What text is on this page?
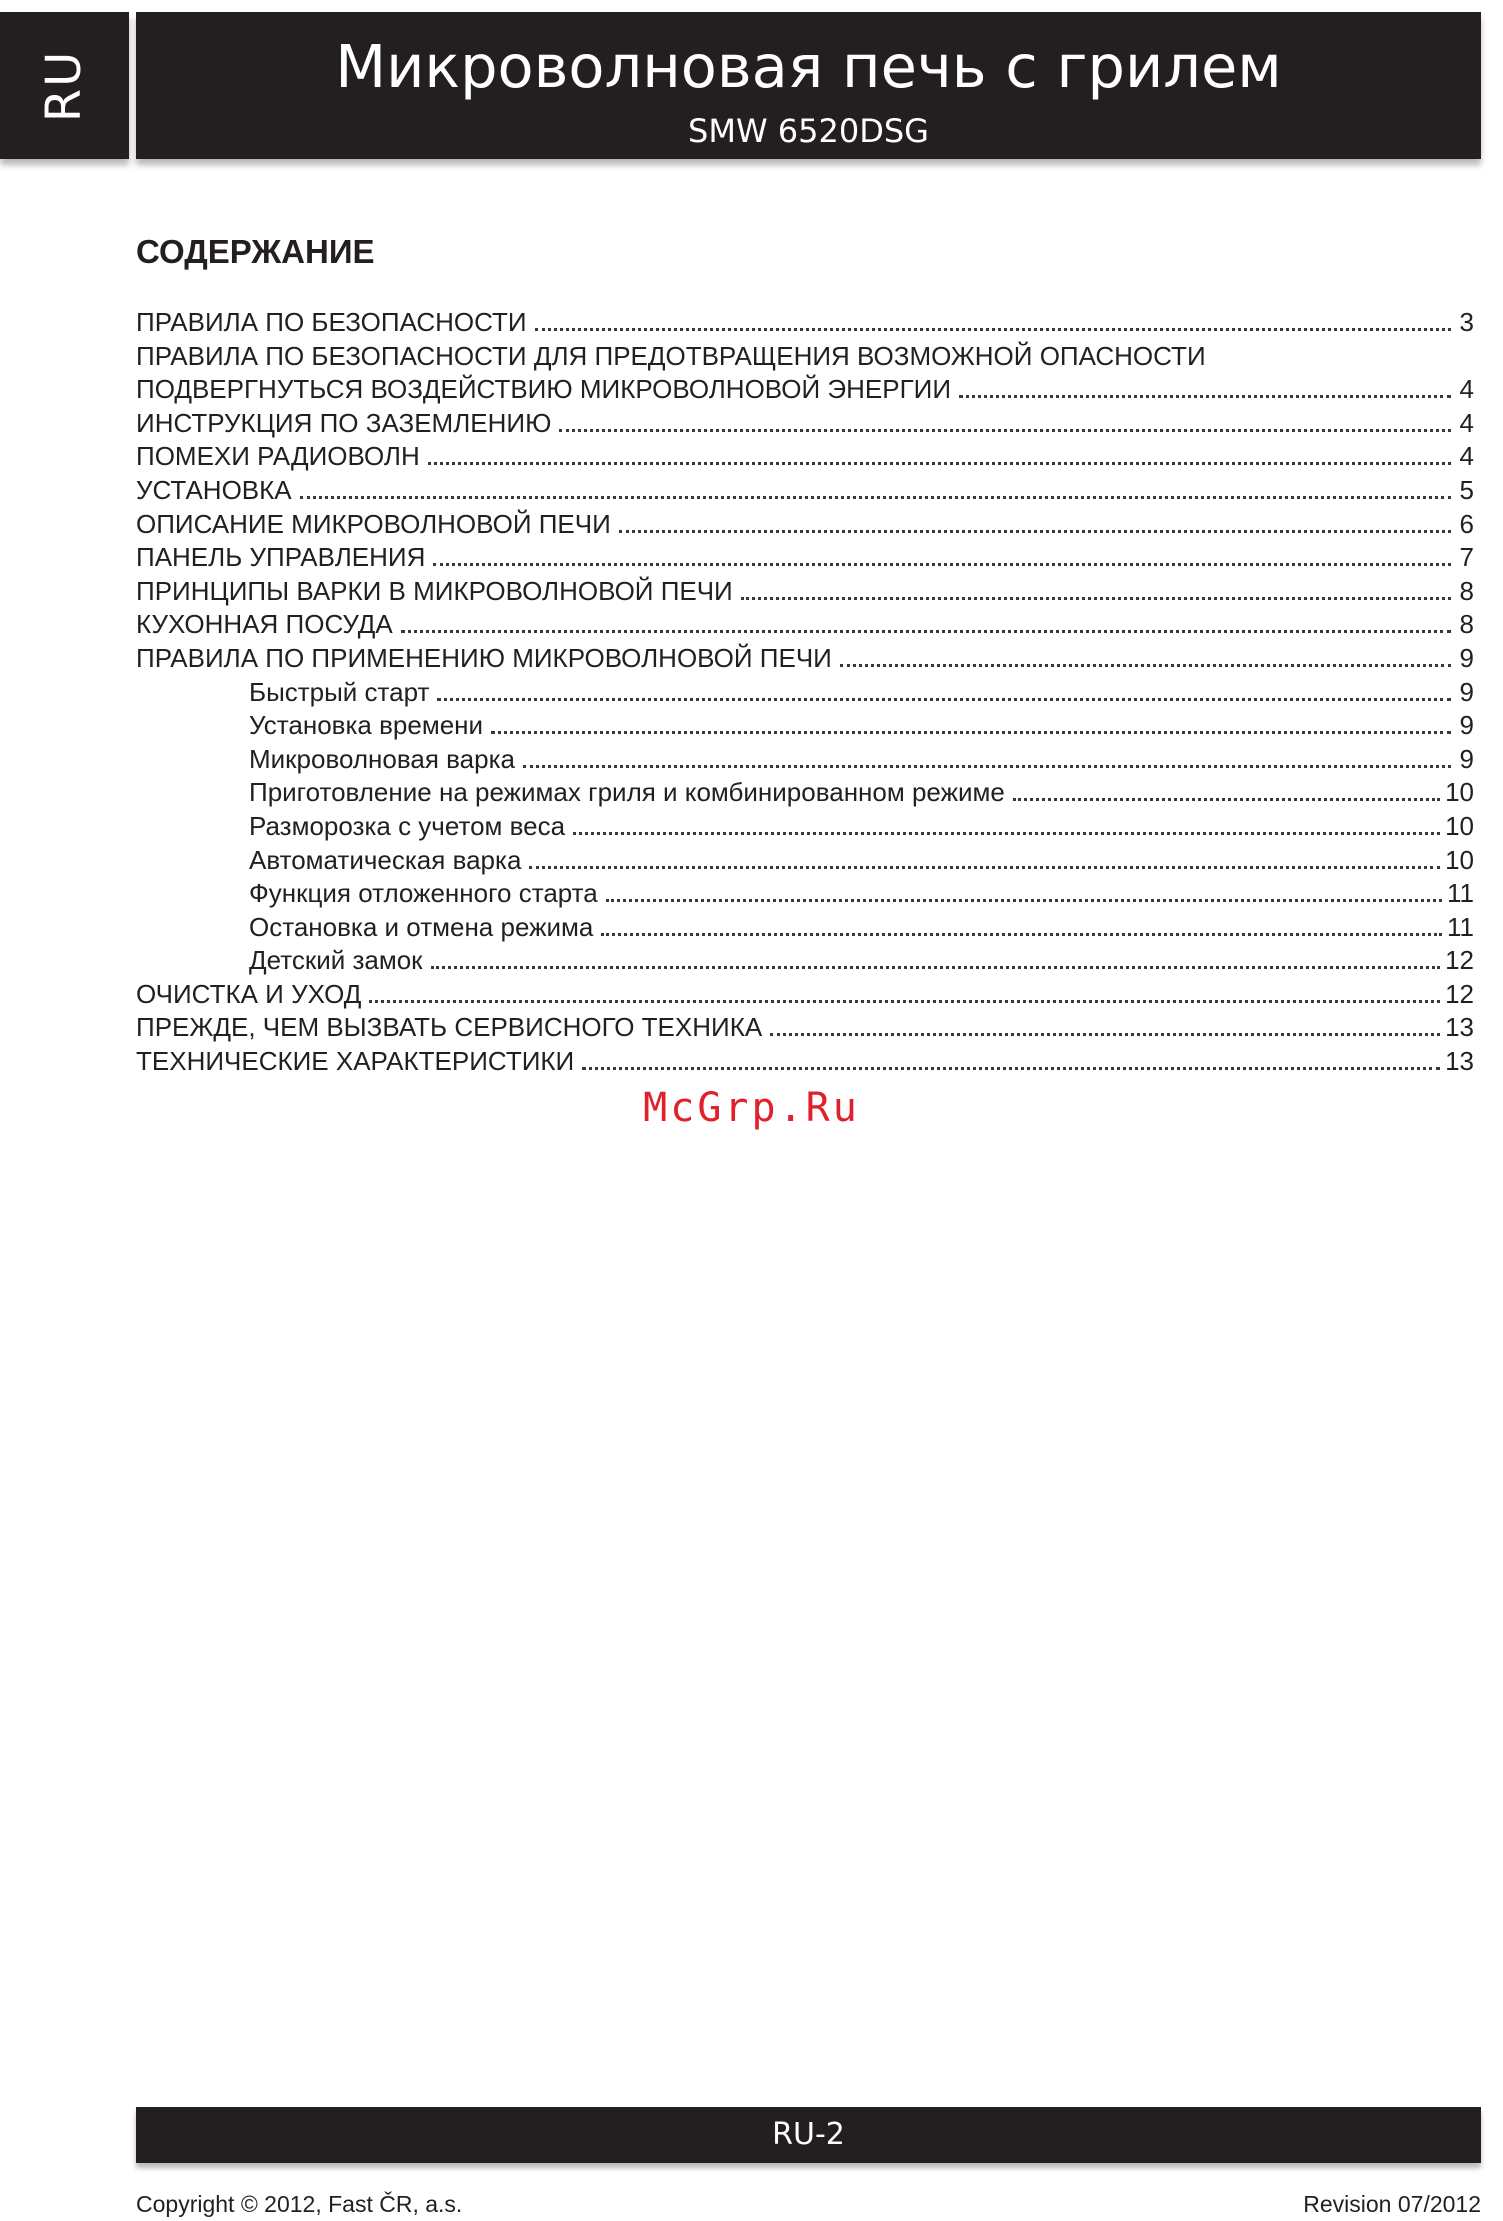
RU	Микроволновая печь с грилем
SMW 6520DSG
СОДЕРЖАНИЕ
ПРАВИЛА ПО БЕЗОПАСНОСТИ	3
ПРАВИЛА ПО БЕЗОПАСНОСТИ ДЛЯ ПРЕДОТВРАЩЕНИЯ ВОЗМОЖНОЙ ОПАСНОСТИ
ПОДВЕРГНУТЬСЯ ВОЗДЕЙСТВИЮ МИКРОВОЛНОВОЙ ЭНЕРГИИ	4
ИНСТРУКЦИЯ ПО ЗАЗЕМЛЕНИЮ	4
ПОМЕХИ РАДИОВОЛН	4
УСТАНОВКА	5
ОПИСАНИЕ МИКРОВОЛНОВОЙ ПЕЧИ	6
ПАНЕЛЬ УПРАВЛЕНИЯ	7
ПРИНЦИПЫ ВАРКИ В МИКРОВОЛНОВОЙ ПЕЧИ	8
КУХОННАЯ ПОСУДА	8
ПРАВИЛА ПО ПРИМЕНЕНИЮ МИКРОВОЛНОВОЙ ПЕЧИ	9
Быстрый старт	9
Установка времени	9
Микроволновая варка	9
Приготовление на режимах гриля и комбинированном режиме	10
Разморозка с учетом веса	10
Автоматическая варка	10
Функция отложенного старта	11
Остановка и отмена режима	11
Детский замок	12
ОЧИСТКА И УХОД	12
ПРЕЖДЕ, ЧЕМ ВЫЗВАТЬ СЕРВИСНОГО ТЕХНИКА	13
ТЕХНИЧЕСКИЕ ХАРАКТЕРИСТИКИ	13
McGrp.Ru
RU-2
Copyright © 2012, Fast ČR, a.s.	Revision 07/2012
